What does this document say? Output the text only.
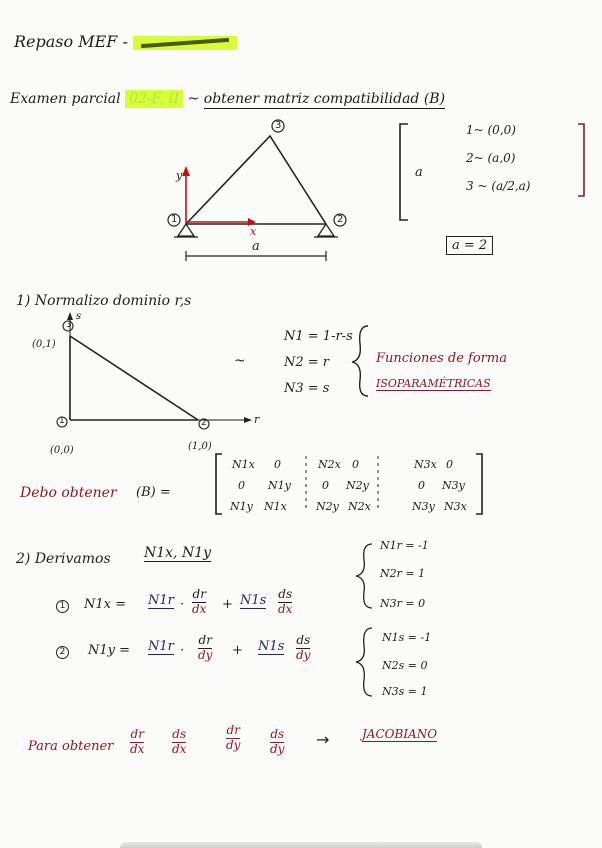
Repaso MEF -
Examen parcial 02-F, II ~ obtener matriz compatibilidad (B)
1
3
2
y
x
a
a
1~ (0,0)
2~ (a,0)
3 ~ (a/2,a)
a = 2
1) Normalizo dominio r,s
3
1	2
s
r
(0,1)
(0,0)	(1,0)
~
N1 = 1-r-s
N2 = r
N3 = s
Funciones de forma
ISOPARAMÉTRICAS
Debo obtener (B) =
N1x 0	N2x 0	N3x 0
0 N1y	0 N2y	0 N3y
N1y N1x	N2y N2x	N3y N3x
2) Derivamos N1x, N1y
1 $N1x = N1r \cdot \frac{dr}{dx} + N1s \frac{ds}{dx}$
2 $N1y = N1r \cdot \frac{dr}{dy} + N1s \frac{ds}{dy}$
N1r = -1
N2r = 1
N3r = 0
N1s = -1
N2s = 0
N3s = 1
Para obtener $\frac{dr}{dx} \frac{ds}{dx}$	$\frac{dr}{dy} \frac{ds}{dy}$ →	JACOBIANO
